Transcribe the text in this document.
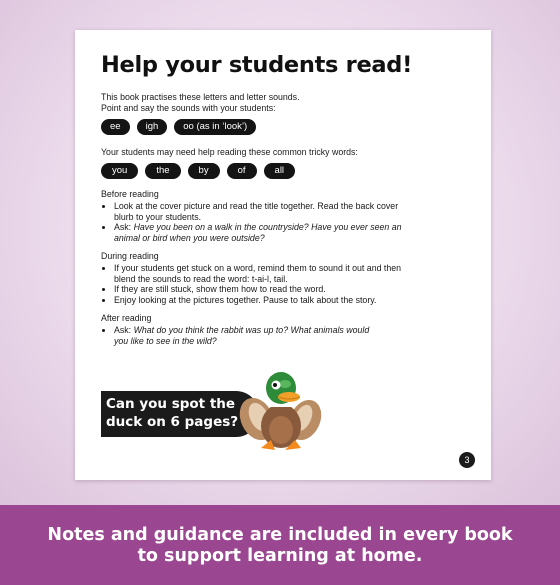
Help your students read!

This book practises these letters and letter sounds.
Point and say the sounds with your students:

ee	igh	oo (as in ‘look’)

Your students may need help reading these common tricky words:

you	the	by	of	all

Before reading

• Look at the cover picture and read the title together. Read the back cover
blurb to your students.
• Ask: Have you been on a walk in the countryside? Have you ever seen an
animal or bird when you were outside?

During reading

• If your students get stuck on a word, remind them to sound it out and then
blend the sounds to read the word: t-ai-l, tail.
• If they are still stuck, show them how to read the word.
• Enjoy looking at the pictures together. Pause to talk about the story.

After reading

• Ask: What do you think the rabbit was up to? What animals would
you like to see in the wild?

Can you spot the
duck on 6 pages?

3

Notes and guidance are included in every book
to support learning at home.
